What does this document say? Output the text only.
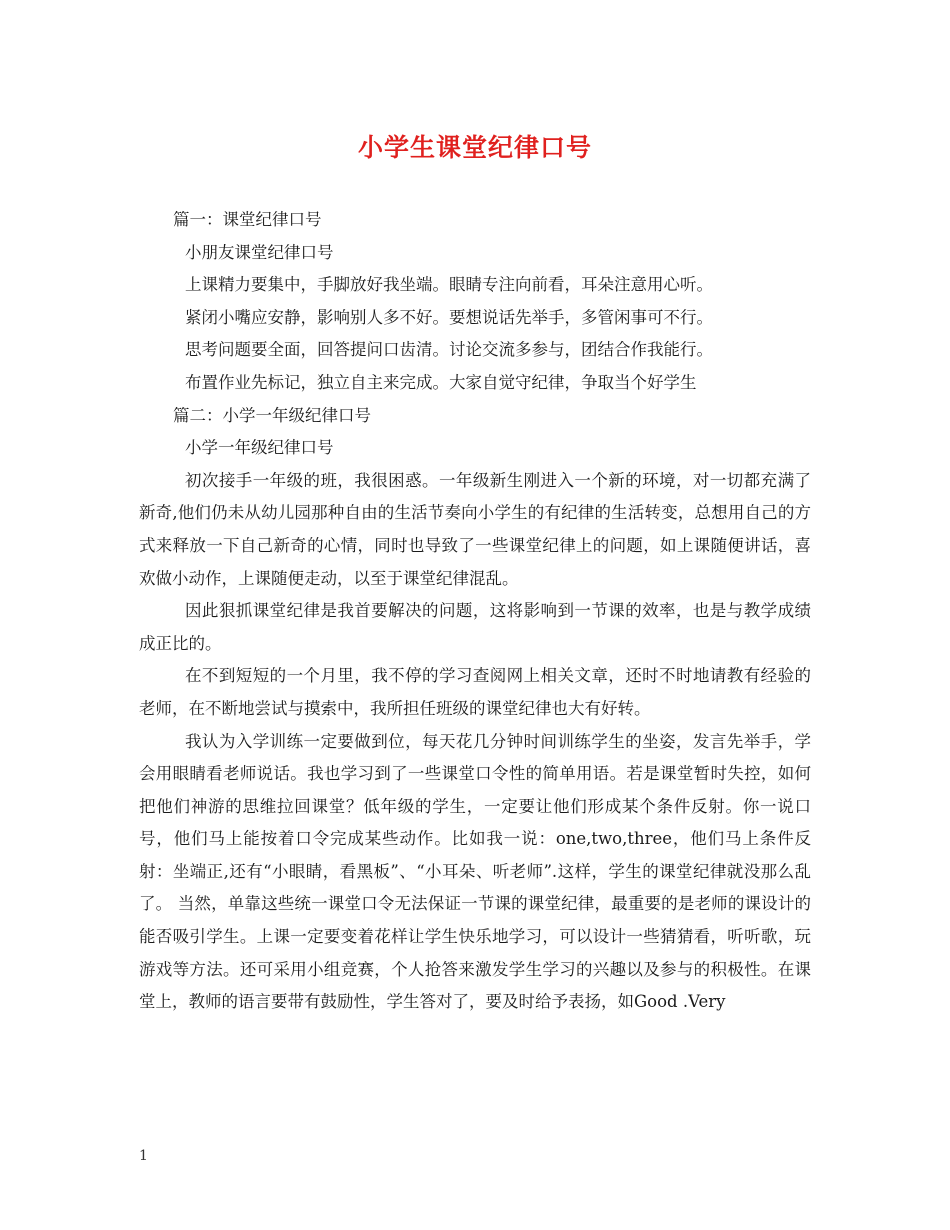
小学生课堂纪律口号

篇一：课堂纪律口号

小朋友课堂纪律口号

上课精力要集中，手脚放好我坐端。眼睛专注向前看，耳朵注意用心听。

紧闭小嘴应安静，影响别人多不好。要想说话先举手，多管闲事可不行。

思考问题要全面，回答提问口齿清。讨论交流多参与，团结合作我能行。

布置作业先标记，独立自主来完成。大家自觉守纪律，争取当个好学生

篇二：小学一年级纪律口号

小学一年级纪律口号

初次接手一年级的班，我很困惑。一年级新生刚进入一个新的环境，对一切都充满了新奇,他们仍未从幼儿园那种自由的生活节奏向小学生的有纪律的生活转变，总想用自己的方式来释放一下自己新奇的心情，同时也导致了一些课堂纪律上的问题，如上课随便讲话，喜欢做小动作，上课随便走动，以至于课堂纪律混乱。

因此狠抓课堂纪律是我首要解决的问题，这将影响到一节课的效率，也是与教学成绩成正比的。

在不到短短的一个月里，我不停的学习查阅网上相关文章，还时不时地请教有经验的老师，在不断地尝试与摸索中，我所担任班级的课堂纪律也大有好转。

我认为入学训练一定要做到位，每天花几分钟时间训练学生的坐姿，发言先举手，学会用眼睛看老师说话。我也学习到了一些课堂口令性的简单用语。若是课堂暂时失控，如何把他们神游的思维拉回课堂？低年级的学生，一定要让他们形成某个条件反射。你一说口号，他们马上能按着口令完成某些动作。比如我一说：one,two,three，他们马上条件反射：坐端正,还有“小眼睛，看黑板”、“小耳朵、听老师”.这样，学生的课堂纪律就没那么乱了。 当然，单靠这些统一课堂口令无法保证一节课的课堂纪律，最重要的是老师的课设计的能否吸引学生。上课一定要变着花样让学生快乐地学习，可以设计一些猜猜看，听听歌，玩游戏等方法。还可采用小组竞赛，个人抢答来激发学生学习的兴趣以及参与的积极性。在课堂上，教师的语言要带有鼓励性，学生答对了，要及时给予表扬，如Good .Very

1
